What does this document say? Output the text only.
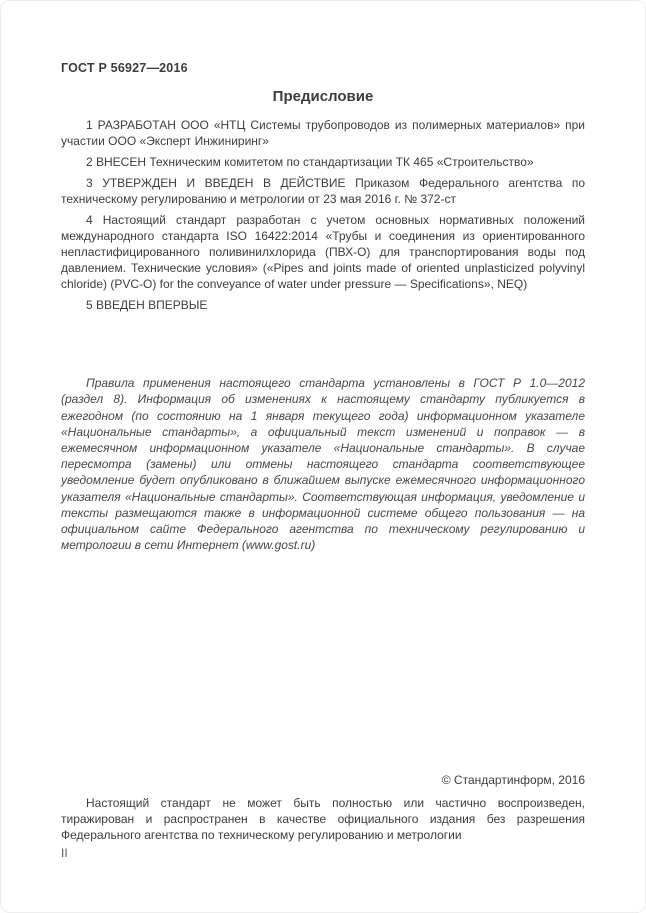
ГОСТ Р 56927—2016
Предисловие

1 РАЗРАБОТАН ООО «НТЦ Системы трубопроводов из полимерных материалов» при участии ООО «Эксперт Инжиниринг»

2 ВНЕСЕН Техническим комитетом по стандартизации ТК 465 «Строительство»

3 УТВЕРЖДЕН И ВВЕДЕН В ДЕЙСТВИЕ Приказом Федерального агентства по техническому регулированию и метрологии от 23 мая 2016 г. № 372-ст

4 Настоящий стандарт разработан с учетом основных нормативных положений международного стандарта ISO 16422:2014 «Трубы и соединения из ориентированного непластифицированного поливинилхлорида (ПВХ-О) для транспортирования воды под давлением. Технические условия» («Pipes and joints made of oriented unplasticized polyvinyl chloride) (PVC-O) for the conveyance of water under pressure — Specifications», NEQ)

5 ВВЕДЕН ВПЕРВЫЕ

Правила применения настоящего стандарта установлены в ГОСТ Р 1.0—2012 (раздел 8). Информация об изменениях к настоящему стандарту публикуется в ежегодном (по состоянию на 1 января текущего года) информационном указателе «Национальные стандарты», а официальный текст изменений и поправок — в ежемесячном информационном указателе «Национальные стандарты». В случае пересмотра (замены) или отмены настоящего стандарта соответствующее уведомление будет опубликовано в ближайшем выпуске ежемесячного информационного указателя «Национальные стандарты». Соответствующая информация, уведомление и тексты размещаются также в информационной системе общего пользования — на официальном сайте Федерального агентства по техническому регулированию и метрологии в сети Интернет (www.gost.ru)
© Стандартинформ, 2016

Настоящий стандарт не может быть полностью или частично воспроизведен, тиражирован и распространен в качестве официального издания без разрешения Федерального агентства по техническому регулированию и метрологии

II
